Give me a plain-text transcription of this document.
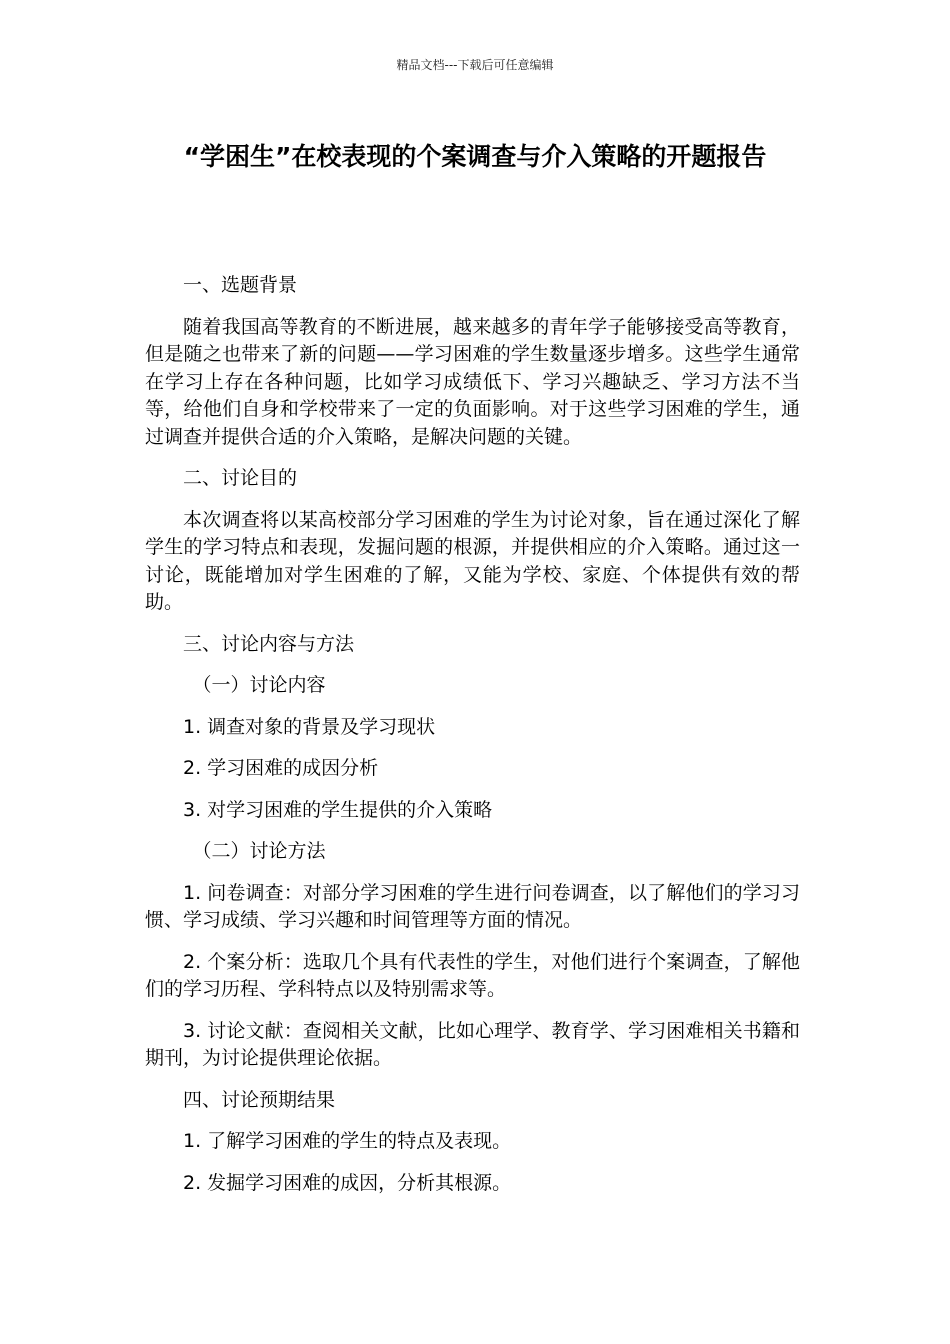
精品文档---下载后可任意编辑
“学困生”在校表现的个案调查与介入策略的开题报告

一、选题背景

随着我国高等教育的不断进展，越来越多的青年学子能够接受高等教育，但是随之也带来了新的问题——学习困难的学生数量逐步增多。这些学生通常在学习上存在各种问题，比如学习成绩低下、学习兴趣缺乏、学习方法不当等，给他们自身和学校带来了一定的负面影响。对于这些学习困难的学生，通过调查并提供合适的介入策略，是解决问题的关键。

二、讨论目的

本次调查将以某高校部分学习困难的学生为讨论对象，旨在通过深化了解学生的学习特点和表现，发掘问题的根源，并提供相应的介入策略。通过这一讨论，既能增加对学生困难的了解，又能为学校、家庭、个体提供有效的帮助。

三、讨论内容与方法

（一）讨论内容

1. 调查对象的背景及学习现状

2. 学习困难的成因分析

3. 对学习困难的学生提供的介入策略

（二）讨论方法

1. 问卷调查：对部分学习困难的学生进行问卷调查，以了解他们的学习习惯、学习成绩、学习兴趣和时间管理等方面的情况。

2. 个案分析：选取几个具有代表性的学生，对他们进行个案调查，了解他们的学习历程、学科特点以及特别需求等。

3. 讨论文献：查阅相关文献，比如心理学、教育学、学习困难相关书籍和期刊，为讨论提供理论依据。

四、讨论预期结果

1. 了解学习困难的学生的特点及表现。

2. 发掘学习困难的成因，分析其根源。
